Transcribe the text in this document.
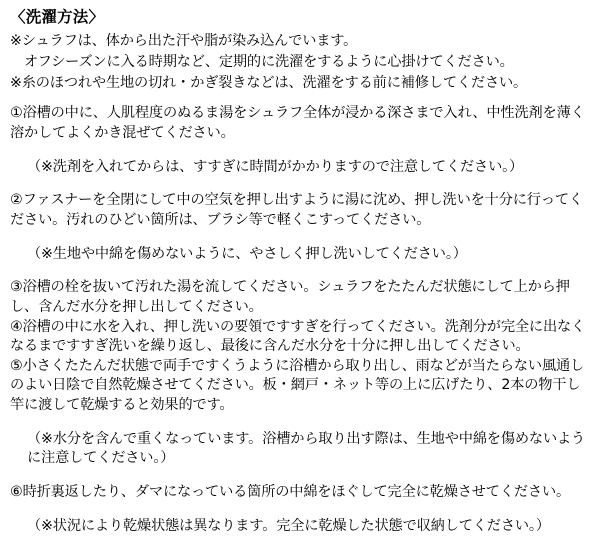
〈洗濯方法〉

※シュラフは、体から出た汗や脂が染み込んでいます。

　オフシーズンに入る時期など、定期的に洗濯をするように心掛けてください。

※糸のほつれや生地の切れ・かぎ裂きなどは、洗濯をする前に補修してください。

①浴槽の中に、人肌程度のぬるま湯をシュラフ全体が浸かる深さまで入れ、中性洗剤を薄く溶かしてよくかき混ぜてください。

（※洗剤を入れてからは、すすぎに時間がかかりますので注意してください。）

②ファスナーを全閉にして中の空気を押し出すように湯に沈め、押し洗いを十分に行ってください。汚れのひどい箇所は、ブラシ等で軽くこすってください。

（※生地や中綿を傷めないように、やさしく押し洗いしてください。）

③浴槽の栓を抜いて汚れた湯を流してください。シュラフをたたんだ状態にして上から押し、含んだ水分を押し出してください。

④浴槽の中に水を入れ、押し洗いの要領ですすぎを行ってください。洗剤分が完全に出なくなるまですすぎ洗いを繰り返し、最後に含んだ水分を十分に押し出してください。

⑤小さくたたんだ状態で両手ですくうように浴槽から取り出し、雨などが当たらない風通しのよい日陰で自然乾燥させてください。板・網戸・ネット等の上に広げたり、2本の物干し竿に渡して乾燥すると効果的です。

（※水分を含んで重くなっています。浴槽から取り出す際は、生地や中綿を傷めないように注意してください。）

⑥時折裏返したり、ダマになっている箇所の中綿をほぐして完全に乾燥させてください。

（※状況により乾燥状態は異なります。完全に乾燥した状態で収納してください。）
